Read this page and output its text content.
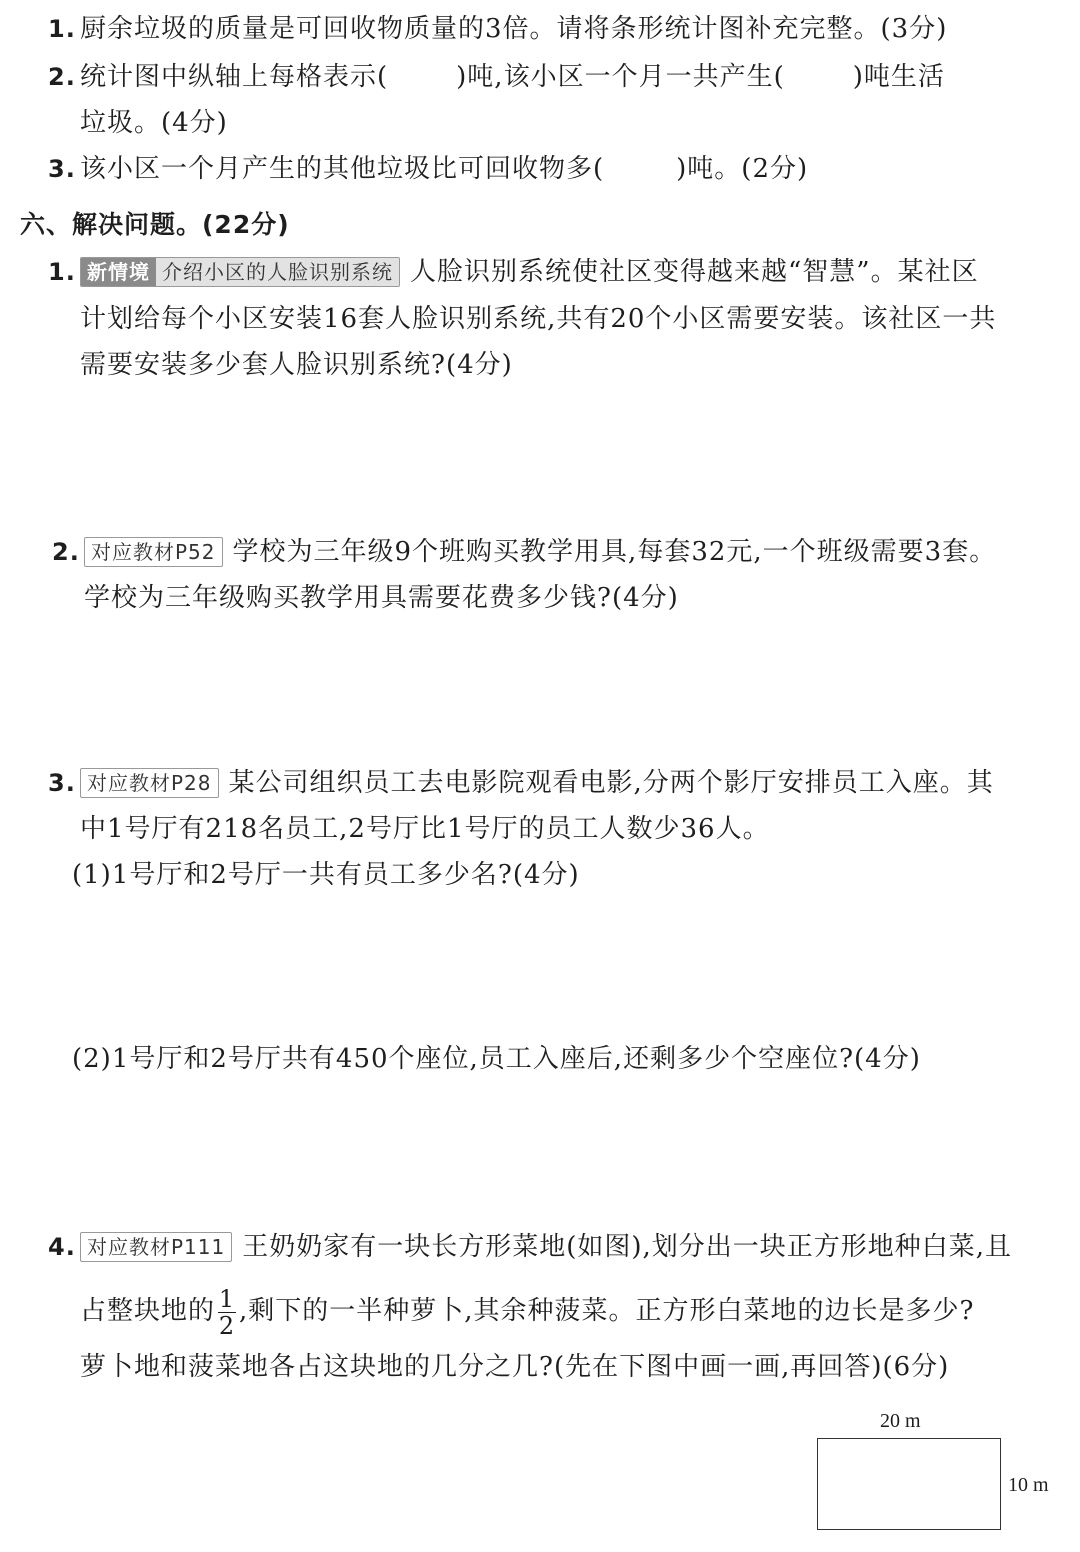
1. 厨余垃圾的质量是可回收物质量的3倍。请将条形统计图补充完整。(3分)
2. 统计图中纵轴上每格表示(	)吨,该小区一个月一共产生(	)吨生活
垃圾。(4分)
3. 该小区一个月产生的其他垃圾比可回收物多(	)吨。(2分)
六、解决问题。(22分)
1. 新情境 介绍小区的人脸识别系统 人脸识别系统使社区变得越来越“智慧”。某社区
计划给每个小区安装16套人脸识别系统,共有20个小区需要安装。该社区一共
需要安装多少套人脸识别系统?(4分)
2. 对应教材P52 学校为三年级9个班购买教学用具,每套32元,一个班级需要3套。
学校为三年级购买教学用具需要花费多少钱?(4分)
3. 对应教材P28 某公司组织员工去电影院观看电影,分两个影厅安排员工入座。其
中1号厅有218名员工,2号厅比1号厅的员工人数少36人。
(1)1号厅和2号厅一共有员工多少名?(4分)
(2)1号厅和2号厅共有450个座位,员工入座后,还剩多少个空座位?(4分)
4. 对应教材P111 王奶奶家有一块长方形菜地(如图),划分出一块正方形地种白菜,且
占整块地的 $\frac{1}{2}$ ,剩下的一半种萝卜,其余种菠菜。正方形白菜地的边长是多少?
萝卜地和菠菜地各占这块地的几分之几?(先在下图中画一画,再回答)(6分)
20 m
10 m
